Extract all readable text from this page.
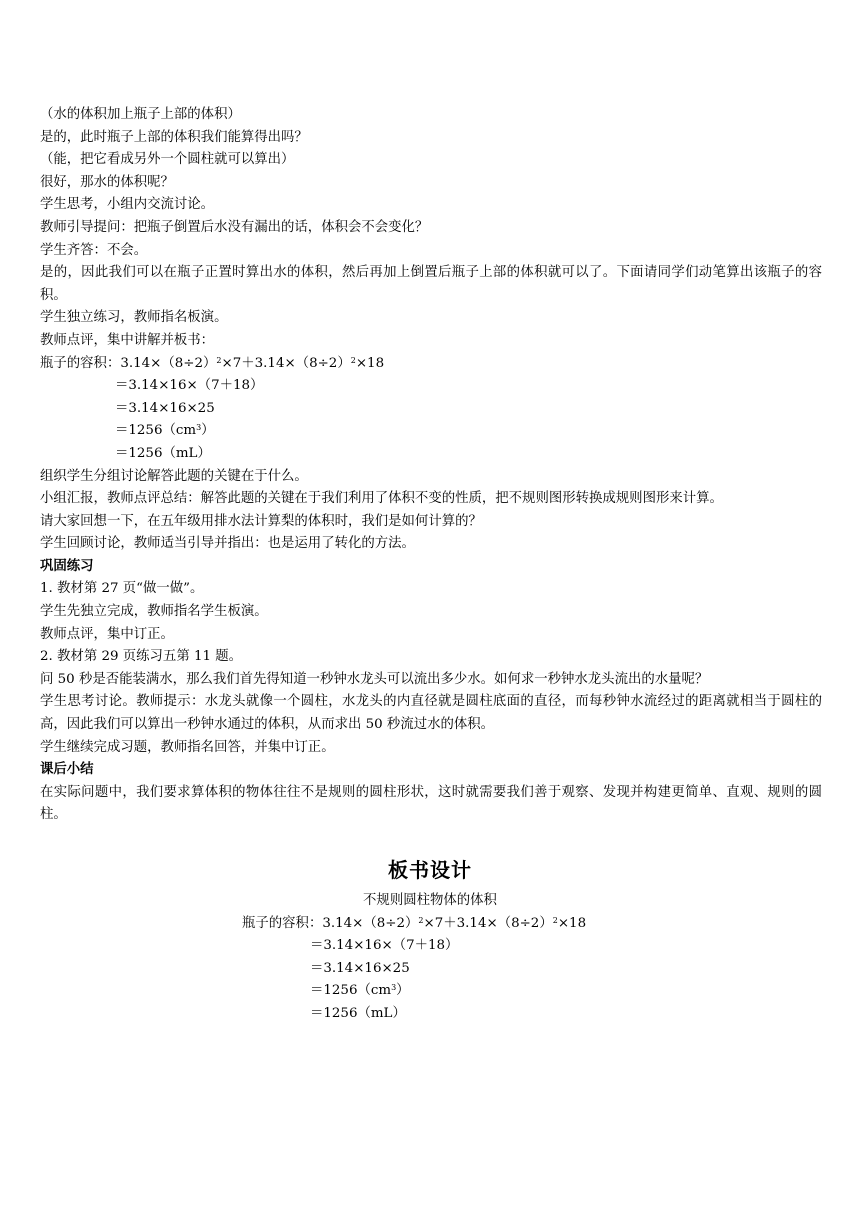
（水的体积加上瓶子上部的体积）
是的，此时瓶子上部的体积我们能算得出吗？
（能，把它看成另外一个圆柱就可以算出）
很好，那水的体积呢？
学生思考，小组内交流讨论。
教师引导提问：把瓶子倒置后水没有漏出的话，体积会不会变化？
学生齐答：不会。
是的，因此我们可以在瓶子正置时算出水的体积，然后再加上倒置后瓶子上部的体积就可以了。下面请同学们动笔算出该瓶子的容积。
学生独立练习，教师指名板演。
教师点评，集中讲解并板书：
瓶子的容积：$3.14\times(8\div 2)^2\times 7+3.14\times(8\div 2)^2\times 18$
＝3.14×16×（7＋18）
＝3.14×16×25
$=1256(cm^3)$
＝1256（mL）
组织学生分组讨论解答此题的关键在于什么。
小组汇报，教师点评总结：解答此题的关键在于我们利用了体积不变的性质，把不规则图形转换成规则图形来计算。
请大家回想一下，在五年级用排水法计算梨的体积时，我们是如何计算的？
学生回顾讨论，教师适当引导并指出：也是运用了转化的方法。
巩固练习
1. 教材第 27 页“做一做”。
学生先独立完成，教师指名学生板演。
教师点评，集中订正。
2. 教材第 29 页练习五第 11 题。
问 50 秒是否能装满水，那么我们首先得知道一秒钟水龙头可以流出多少水。如何求一秒钟水龙头流出的水量呢？
学生思考讨论。教师提示：水龙头就像一个圆柱，水龙头的内直径就是圆柱底面的直径，而每秒钟水流经过的距离就相当于圆柱的高，因此我们可以算出一秒钟水通过的体积，从而求出 50 秒流过水的体积。
学生继续完成习题，教师指名回答，并集中订正。
课后小结
在实际问题中，我们要求算体积的物体往往不是规则的圆柱形状，这时就需要我们善于观察、发现并构建更简单、直观、规则的圆柱。
板书设计
不规则圆柱物体的体积
瓶子的容积：$3.14\times(8\div 2)^2\times 7+3.14\times(8\div 2)^2\times 18$
＝3.14×16×（7＋18）
＝3.14×16×25
$=1256(cm^3)$
＝1256（mL）
